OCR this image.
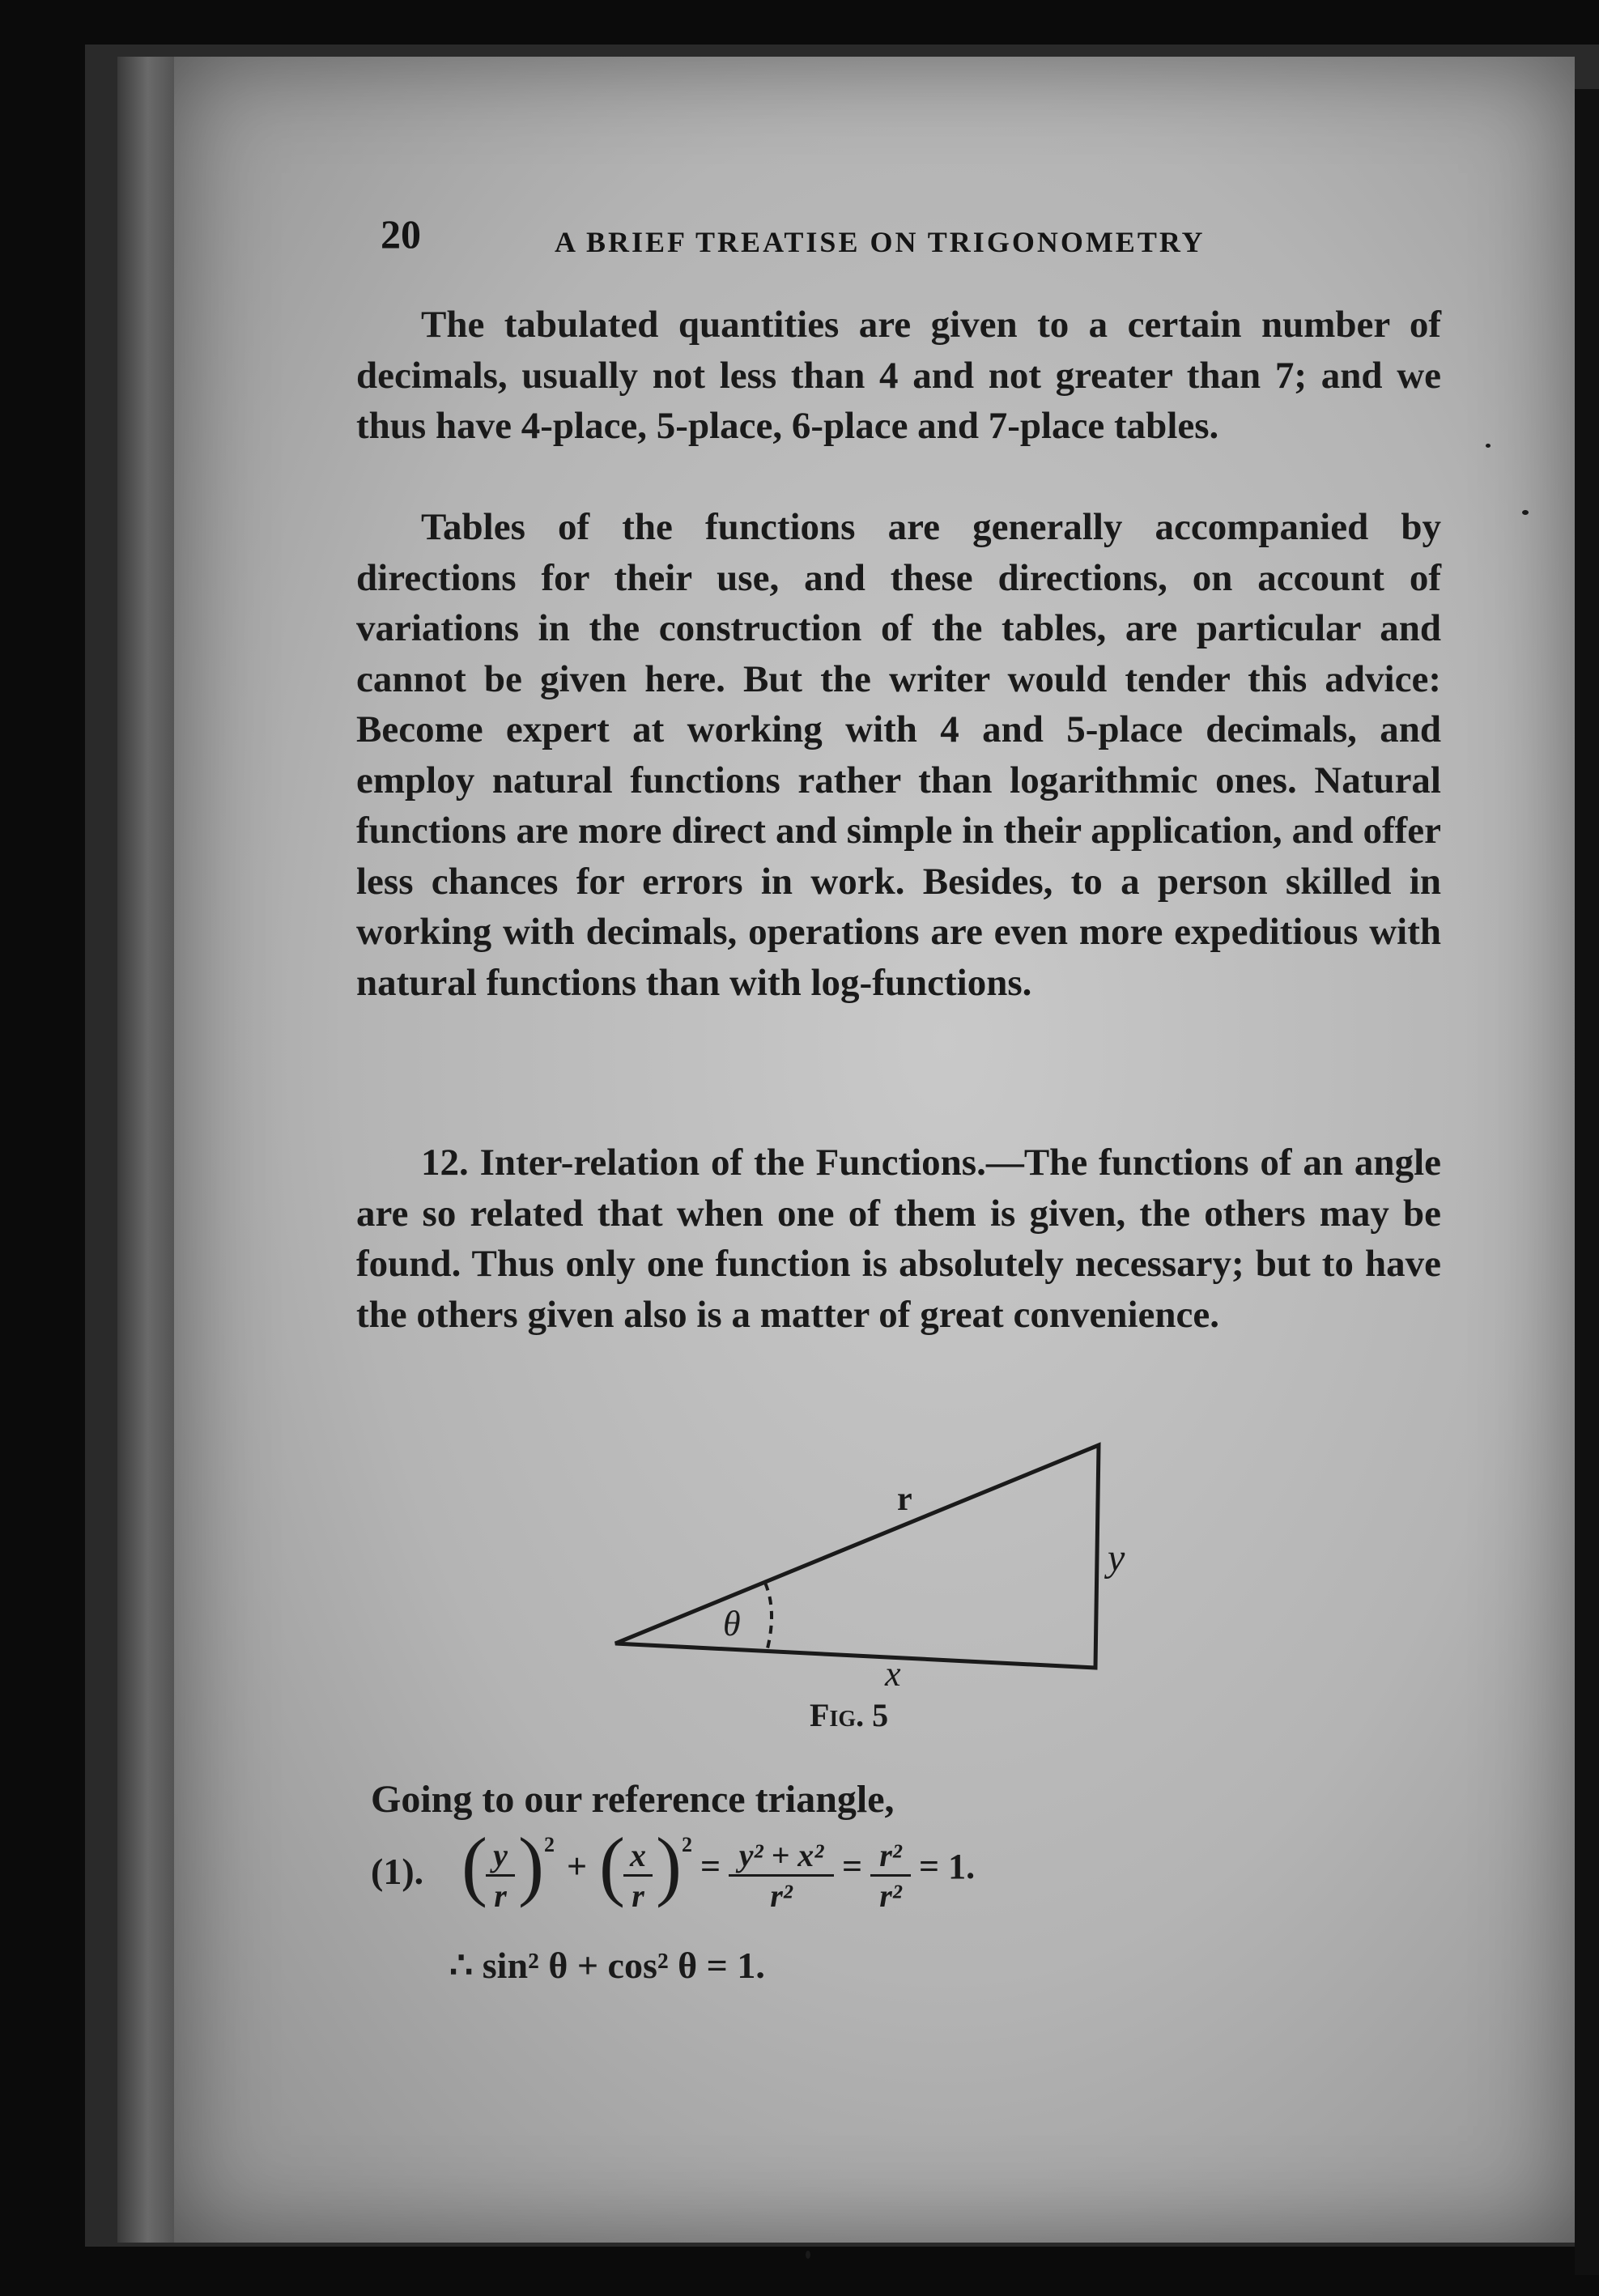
20	A BRIEF TREATISE ON TRIGONOMETRY

The tabulated quantities are given to a certain number of decimals, usually not less than 4 and not greater than 7; and we thus have 4-place, 5-place, 6-place and 7-place tables.

Tables of the functions are generally accompanied by directions for their use, and these directions, on account of variations in the construction of the tables, are particular and cannot be given here. But the writer would tender this advice: Become expert at working with 4 and 5-place decimals, and employ natural functions rather than logarithmic ones. Natural functions are more direct and simple in their application, and offer less chances for errors in work. Besides, to a person skilled in working with decimals, operations are even more expeditious with natural functions than with log-functions.

12. Inter-relation of the Functions.—The functions of an angle are so related that when one of them is given, the others may be found. Thus only one function is absolutely necessary; but to have the others given also is a matter of great convenience.

r
y
x
θ
Fig. 5
Going to our reference triangle,
(1). (
$\frac{y}{r}$ ) 2
+ (
$\frac{x}{r}$ ) 2
= $\frac{\text{y² + x²}}{\text{r²}} = \frac{\text{r²}}{\text{r²}} = 1$.
∴ sin² θ + cos² θ = 1.
